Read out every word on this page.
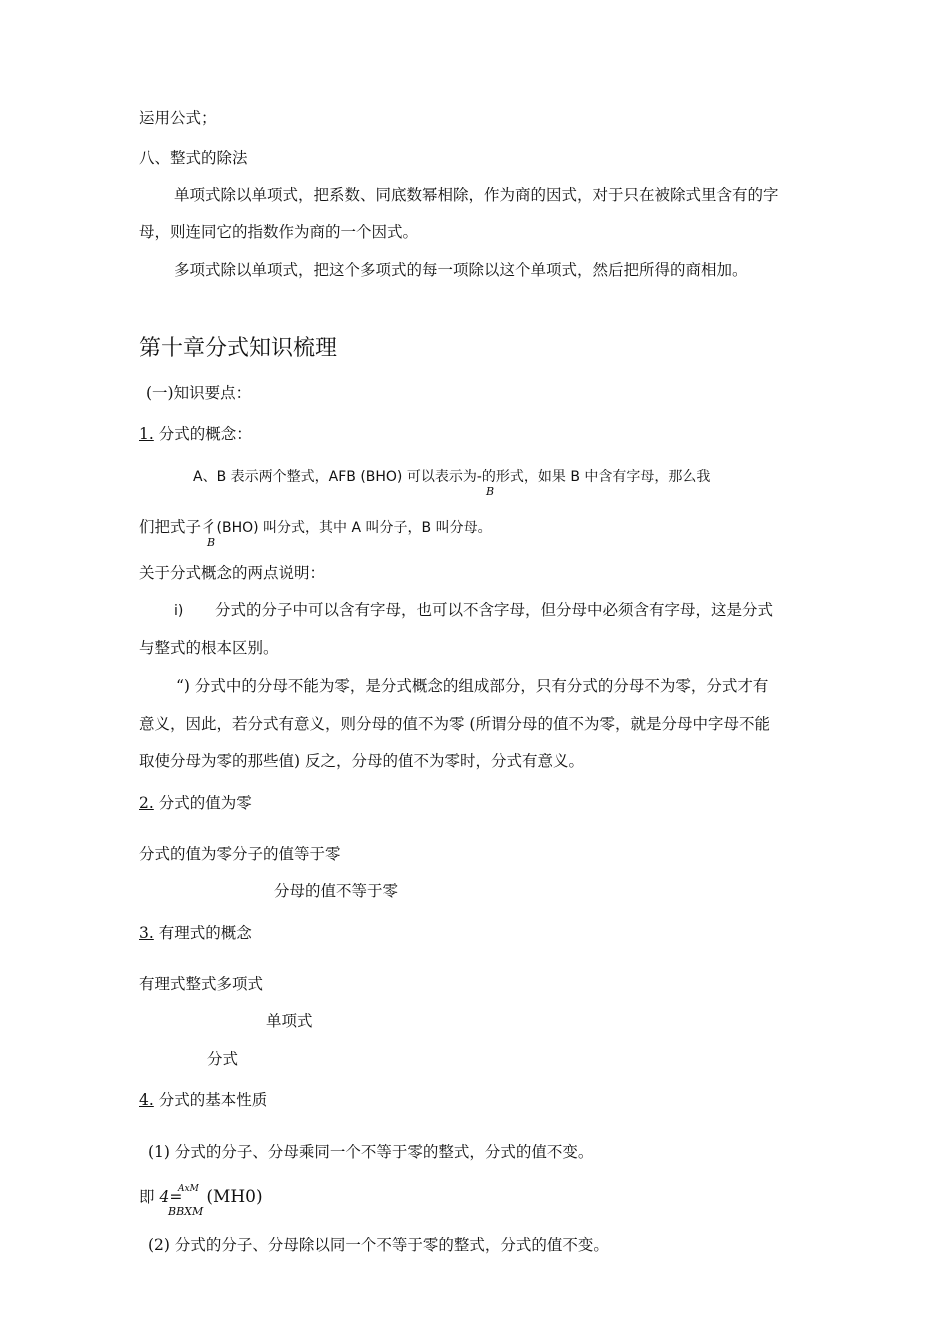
运用公式；
八、整式的除法
单项式除以单项式，把系数、同底数幂相除，作为商的因式，对于只在被除式里含有的字
母，则连同它的指数作为商的一个因式。
多项式除以单项式，把这个多项式的每一项除以这个单项式，然后把所得的商相加。
第十章分式知识梳理
(一)知识要点：
1. 分式的概念：
A、B 表示两个整式，AFB (BHO) 可以表示为-的形式，如果 B 中含有字母，那么我
B
们把式子彳(BHO) 叫分式，其中 A 叫分子，B 叫分母。
B
关于分式概念的两点说明：
i) 分式的分子中可以含有字母，也可以不含字母，但分母中必须含有字母，这是分式
与整式的根本区别。
“) 分式中的分母不能为零，是分式概念的组成部分，只有分式的分母不为零，分式才有
意义，因此，若分式有意义，则分母的值不为零 (所谓分母的值不为零，就是分母中字母不能
取使分母为零的那些值) 反之，分母的值不为零时，分式有意义。
2. 分式的值为零
分式的值为零分子的值等于零
分母的值不等于零
3. 有理式的概念
有理式整式多项式
单项式
分式
4. 分式的基本性质
(1) 分式的分子、分母乘同一个不等于零的整式，分式的值不变。
即 4= (MH0)
AxM
BBXM
(2) 分式的分子、分母除以同一个不等于零的整式，分式的值不变。
